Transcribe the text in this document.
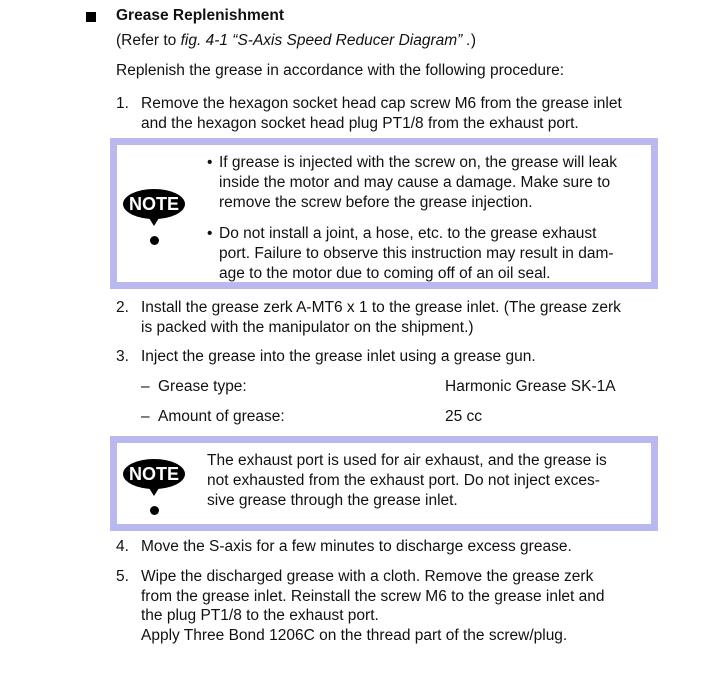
Grease Replenishment
(Refer to fig. 4-1 “S-Axis Speed Reducer Diagram” .)
Replenish the grease in accordance with the following procedure:
1. Remove the hexagon socket head cap screw M6 from the grease inlet
and the hexagon socket head plug PT1/8 from the exhaust port.
NOTE

• If grease is injected with the screw on, the grease will leak
inside the motor and may cause a damage. Make sure to
remove the screw before the grease injection.

• Do not install a joint, a hose, etc. to the grease exhaust
port. Failure to observe this instruction may result in dam-
age to the motor due to coming off of an oil seal.

2. Install the grease zerk A-MT6 x 1 to the grease inlet. (The grease zerk
is packed with the manipulator on the shipment.)
3. Inject the grease into the grease inlet using a grease gun.
– Grease type:	Harmonic Grease SK-1A
– Amount of grease:	25 cc
NOTE
The exhaust port is used for air exhaust, and the grease is
not exhausted from the exhaust port. Do not inject exces-
sive grease through the grease inlet.
4. Move the S-axis for a few minutes to discharge excess grease.
5. Wipe the discharged grease with a cloth. Remove the grease zerk
from the grease inlet. Reinstall the screw M6 to the grease inlet and
the plug PT1/8 to the exhaust port.
Apply Three Bond 1206C on the thread part of the screw/plug.
